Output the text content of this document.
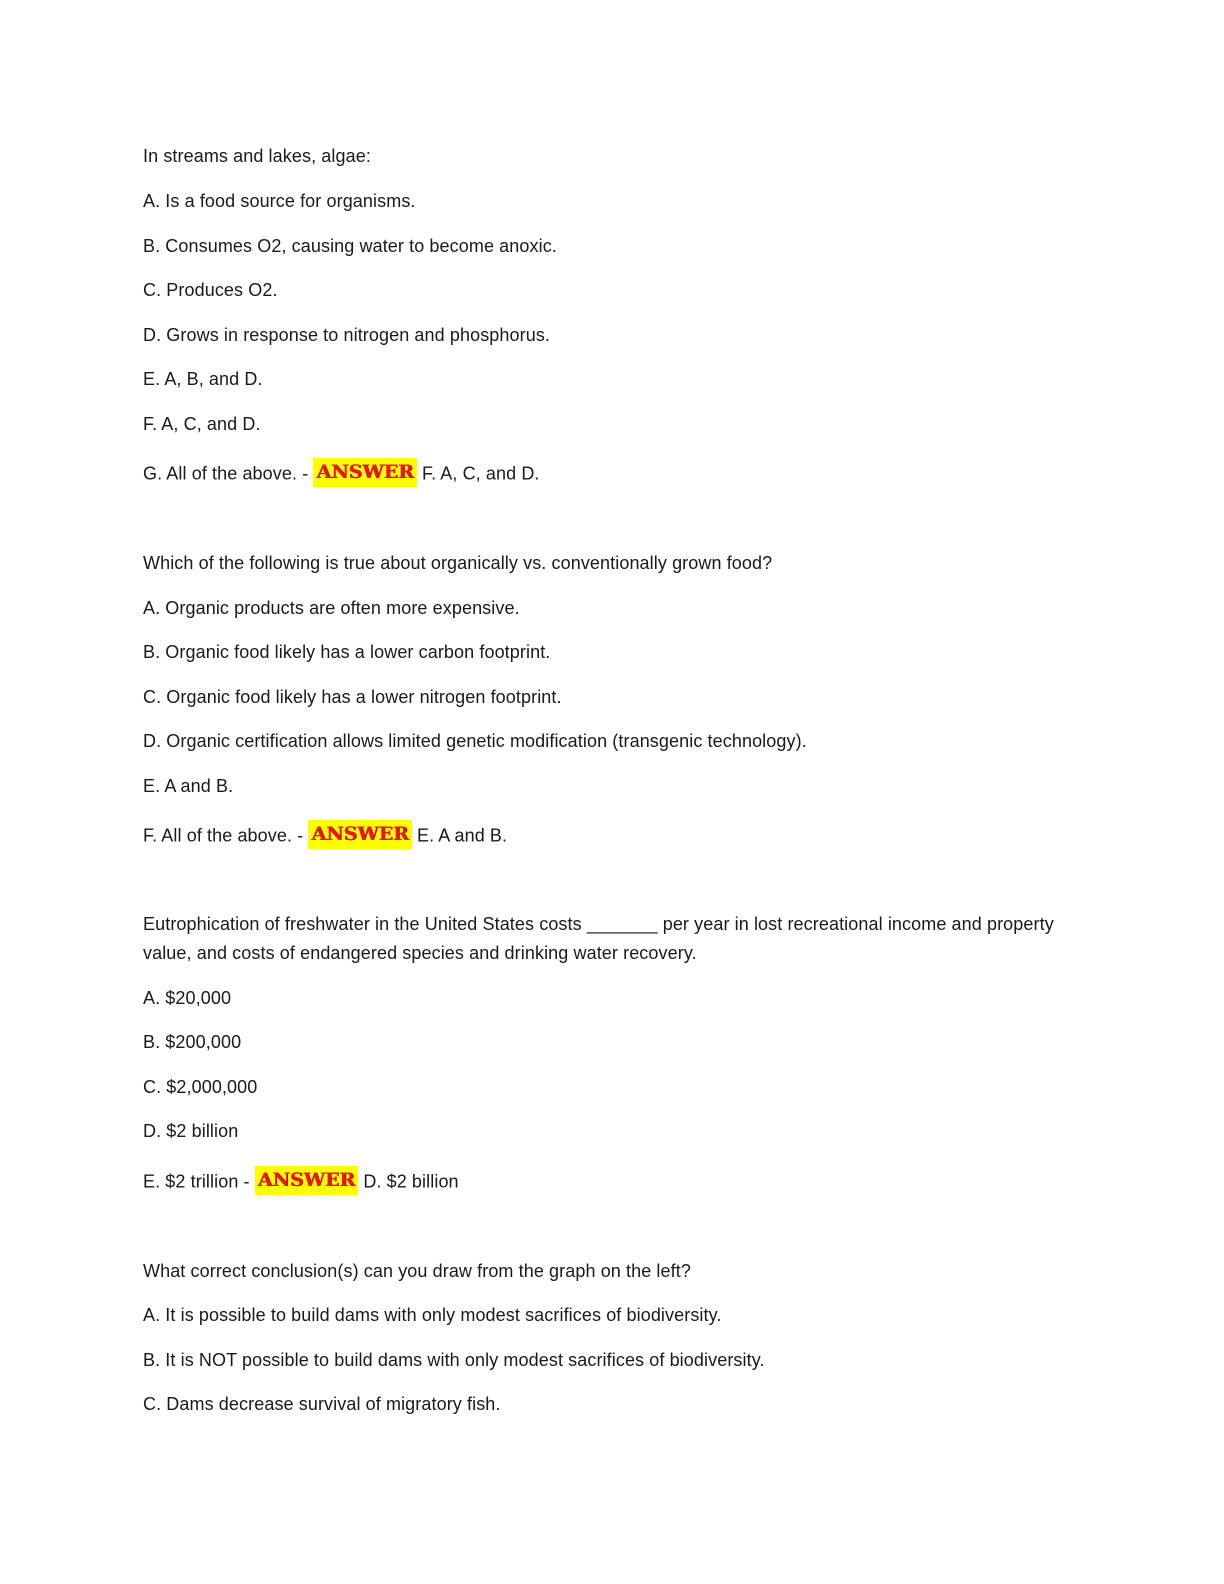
In streams and lakes, algae:
A. Is a food source for organisms.
B. Consumes O2, causing water to become anoxic.
C. Produces O2.
D. Grows in response to nitrogen and phosphorus.
E. A, B, and D.
F. A, C, and D.
G. All of the above. - ANSWER F. A, C, and D.
Which of the following is true about organically vs. conventionally grown food?
A. Organic products are often more expensive.
B. Organic food likely has a lower carbon footprint.
C. Organic food likely has a lower nitrogen footprint.
D. Organic certification allows limited genetic modification (transgenic technology).
E. A and B.
F. All of the above. - ANSWER E. A and B.
Eutrophication of freshwater in the United States costs _______ per year in lost recreational income and property value, and costs of endangered species and drinking water recovery.
A. $20,000
B. $200,000
C. $2,000,000
D. $2 billion
E. $2 trillion - ANSWER D. $2 billion
What correct conclusion(s) can you draw from the graph on the left?
A. It is possible to build dams with only modest sacrifices of biodiversity.
B. It is NOT possible to build dams with only modest sacrifices of biodiversity.
C. Dams decrease survival of migratory fish.
